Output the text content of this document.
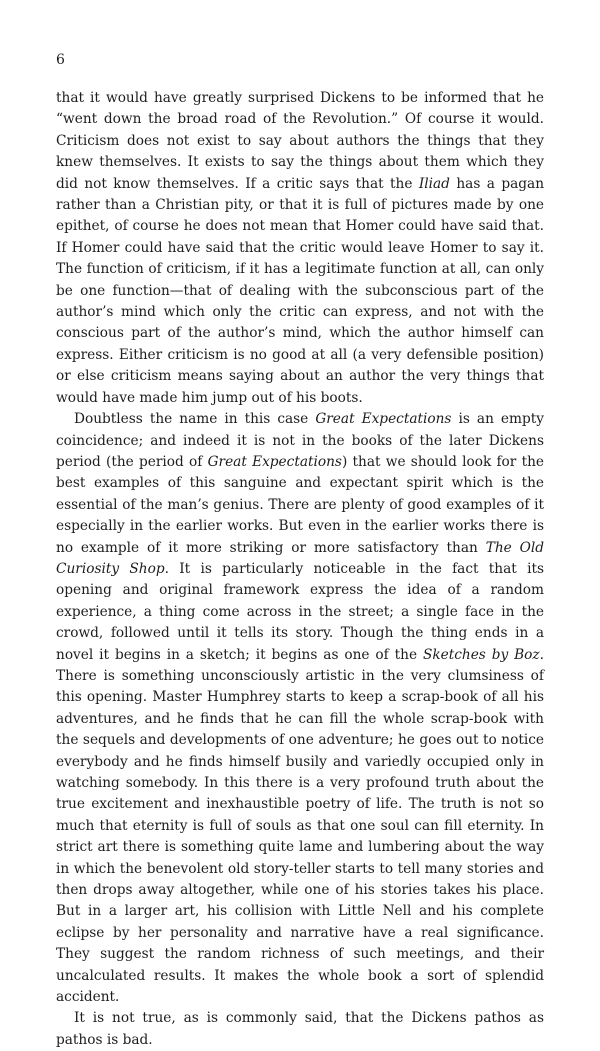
6

that it would have greatly surprised Dickens to be informed that he “went down the broad road of the Revolution.” Of course it would. Criticism does not exist to say about authors the things that they knew themselves. It exists to say the things about them which they did not know themselves. If a critic says that the Iliad has a pagan rather than a Christian pity, or that it is full of pictures made by one epithet, of course he does not mean that Homer could have said that. If Homer could have said that the critic would leave Homer to say it. The function of criticism, if it has a legitimate function at all, can only be one function—that of dealing with the subconscious part of the author’s mind which only the critic can express, and not with the conscious part of the author’s mind, which the author himself can express. Either criticism is no good at all (a very defensible position) or else criticism means saying about an author the very things that would have made him jump out of his boots.

Doubtless the name in this case Great Expectations is an empty coincidence; and indeed it is not in the books of the later Dickens period (the period of Great Expectations) that we should look for the best examples of this sanguine and expectant spirit which is the essential of the man’s genius. There are plenty of good examples of it especially in the earlier works. But even in the earlier works there is no example of it more striking or more satisfactory than The Old Curiosity Shop. It is particularly noticeable in the fact that its opening and original framework express the idea of a random experience, a thing come across in the street; a single face in the crowd, followed until it tells its story. Though the thing ends in a novel it begins in a sketch; it begins as one of the Sketches by Boz. There is something unconsciously artistic in the very clumsiness of this opening. Master Humphrey starts to keep a scrap-book of all his adventures, and he finds that he can fill the whole scrap-book with the sequels and developments of one adventure; he goes out to notice everybody and he finds himself busily and variedly occupied only in watching somebody. In this there is a very profound truth about the true excitement and inexhaustible poetry of life. The truth is not so much that eternity is full of souls as that one soul can fill eternity. In strict art there is something quite lame and lumbering about the way in which the benevolent old story-teller starts to tell many stories and then drops away altogether, while one of his stories takes his place. But in a larger art, his collision with Little Nell and his complete eclipse by her personality and narrative have a real significance. They suggest the random richness of such meetings, and their uncalculated results. It makes the whole book a sort of splendid accident.

It is not true, as is commonly said, that the Dickens pathos as pathos is bad.
